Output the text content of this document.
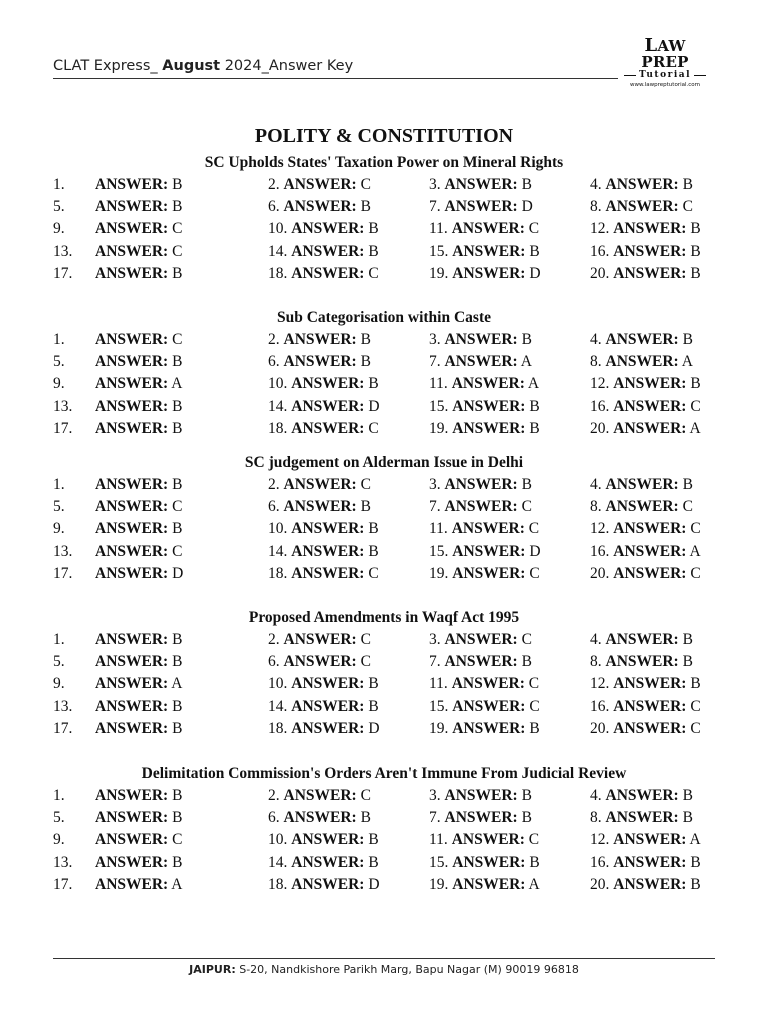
CLAT Express_ August 2024_Answer Key
LAW PREP
Tutorial
www.lawpreptutorial.com
POLITY & CONSTITUTION
SC Upholds States' Taxation Power on Mineral Rights
1. ANSWER: B	2. ANSWER: C	3. ANSWER: B	4. ANSWER: B
5. ANSWER: B	6. ANSWER: B	7. ANSWER: D	8. ANSWER: C
9. ANSWER: C	10. ANSWER: B	11. ANSWER: C	12. ANSWER: B
13. ANSWER: C	14. ANSWER: B	15. ANSWER: B	16. ANSWER: B
17. ANSWER: B	18. ANSWER: C	19. ANSWER: D	20. ANSWER: B
Sub Categorisation within Caste
1. ANSWER: C	2. ANSWER: B	3. ANSWER: B	4. ANSWER: B
5. ANSWER: B	6. ANSWER: B	7. ANSWER: A	8. ANSWER: A
9. ANSWER: A	10. ANSWER: B	11. ANSWER: A	12. ANSWER: B
13. ANSWER: B	14. ANSWER: D	15. ANSWER: B	16. ANSWER: C
17. ANSWER: B	18. ANSWER: C	19. ANSWER: B	20. ANSWER: A
SC judgement on Alderman Issue in Delhi
1. ANSWER: B	2. ANSWER: C	3. ANSWER: B	4. ANSWER: B
5. ANSWER: C	6. ANSWER: B	7. ANSWER: C	8. ANSWER: C
9. ANSWER: B	10. ANSWER: B	11. ANSWER: C	12. ANSWER: C
13. ANSWER: C	14. ANSWER: B	15. ANSWER: D	16. ANSWER: A
17. ANSWER: D	18. ANSWER: C	19. ANSWER: C	20. ANSWER: C
Proposed Amendments in Waqf Act 1995
1. ANSWER: B	2. ANSWER: C	3. ANSWER: C	4. ANSWER: B
5. ANSWER: B	6. ANSWER: C	7. ANSWER: B	8. ANSWER: B
9. ANSWER: A	10. ANSWER: B	11. ANSWER: C	12. ANSWER: B
13. ANSWER: B	14. ANSWER: B	15. ANSWER: C	16. ANSWER: C
17. ANSWER: B	18. ANSWER: D	19. ANSWER: B	20. ANSWER: C
Delimitation Commission's Orders Aren't Immune From Judicial Review
1. ANSWER: B	2. ANSWER: C	3. ANSWER: B	4. ANSWER: B
5. ANSWER: B	6. ANSWER: B	7. ANSWER: B	8. ANSWER: B
9. ANSWER: C	10. ANSWER: B	11. ANSWER: C	12. ANSWER: A
13. ANSWER: B	14. ANSWER: B	15. ANSWER: B	16. ANSWER: B
17. ANSWER: A	18. ANSWER: D	19. ANSWER: A	20. ANSWER: B
JAIPUR: S-20, Nandkishore Parikh Marg, Bapu Nagar (M) 90019 96818
